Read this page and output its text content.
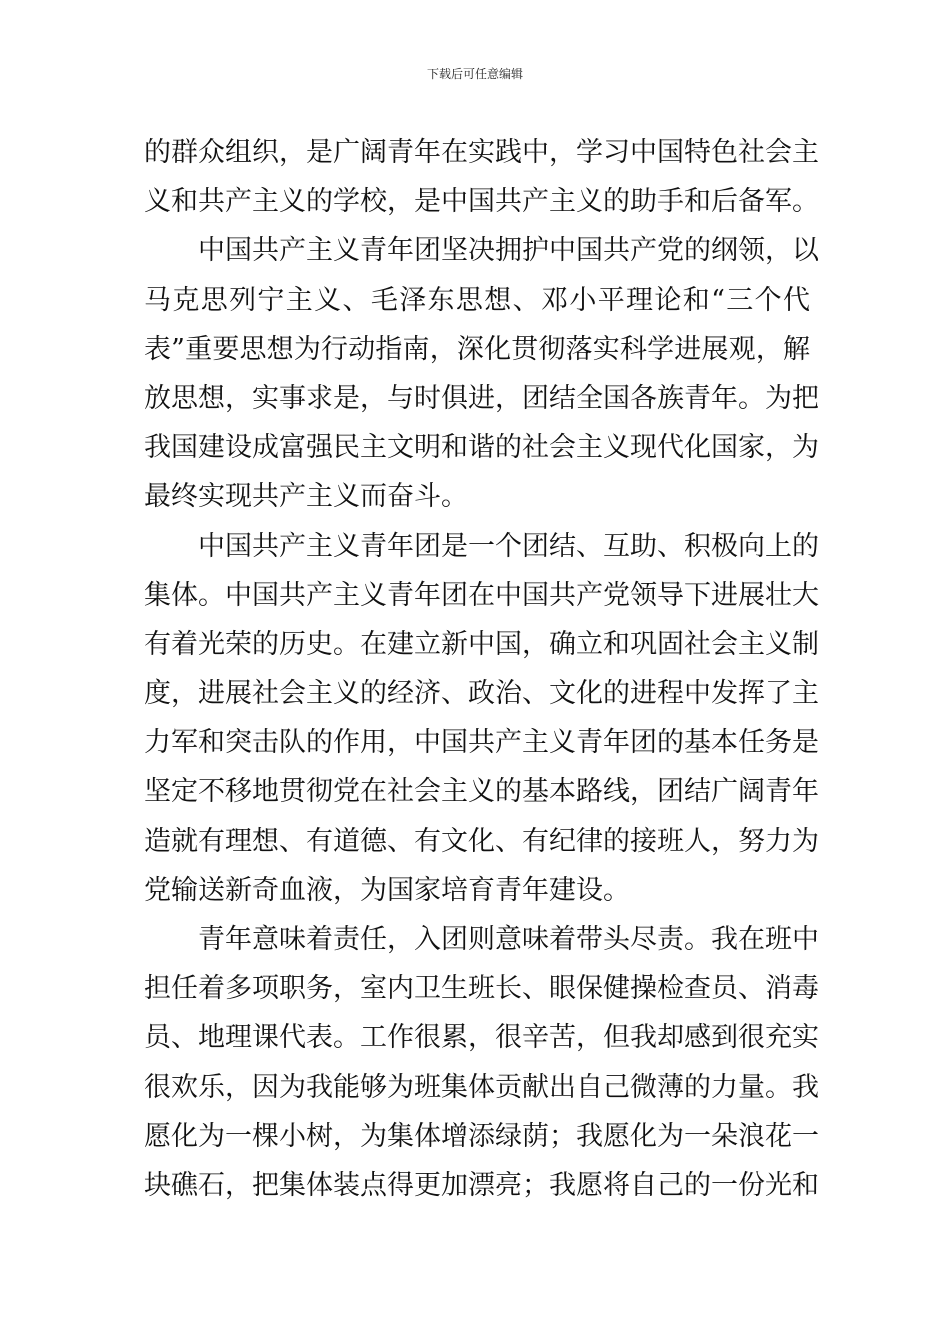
下载后可任意编辑
的群众组织，是广阔青年在实践中，学习中国特色社会主
义和共产主义的学校，是中国共产主义的助手和后备军。
中国共产主义青年团坚决拥护中国共产党的纲领，以
马克思列宁主义、毛泽东思想、邓小平理论和“三个代
表”重要思想为行动指南，深化贯彻落实科学进展观，解
放思想，实事求是，与时俱进，团结全国各族青年。为把
我国建设成富强民主文明和谐的社会主义现代化国家，为
最终实现共产主义而奋斗。
中国共产主义青年团是一个团结、互助、积极向上的
集体。中国共产主义青年团在中国共产党领导下进展壮大
有着光荣的历史。在建立新中国，确立和巩固社会主义制
度，进展社会主义的经济、政治、文化的进程中发挥了主
力军和突击队的作用，中国共产主义青年团的基本任务是
坚定不移地贯彻党在社会主义的基本路线，团结广阔青年
造就有理想、有道德、有文化、有纪律的接班人，努力为
党输送新奇血液，为国家培育青年建设。
青年意味着责任，入团则意味着带头尽责。我在班中
担任着多项职务，室内卫生班长、眼保健操检查员、消毒
员、地理课代表。工作很累，很辛苦，但我却感到很充实
很欢乐，因为我能够为班集体贡献出自己微薄的力量。我
愿化为一棵小树，为集体增添绿荫；我愿化为一朵浪花一
块礁石，把集体装点得更加漂亮；我愿将自己的一份光和
